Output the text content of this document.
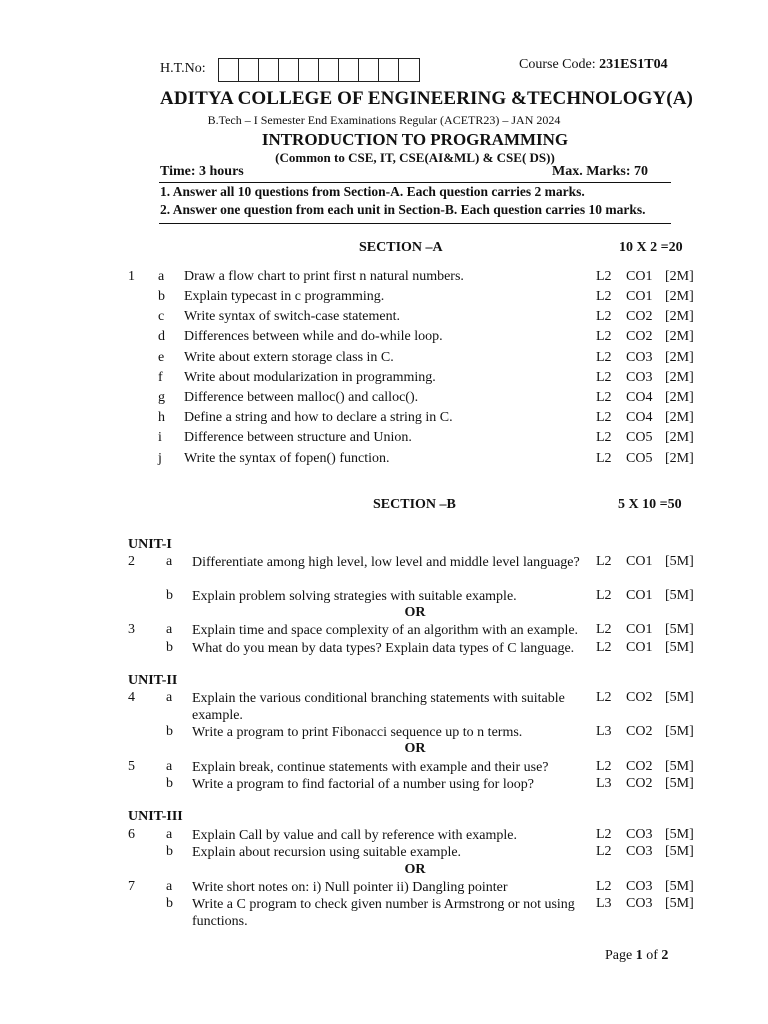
H.T.No:	Course Code: 231ES1T04
ADITYA COLLEGE OF ENGINEERING &TECHNOLOGY(A)
B.Tech – I Semester End Examinations Regular (ACETR23) – JAN 2024
INTRODUCTION TO PROGRAMMING
(Common to CSE, IT, CSE(AI&ML) & CSE( DS))
Time: 3 hours	Max. Marks: 70
1. Answer all 10 questions from Section-A. Each question carries 2 marks.
2. Answer one question from each unit in Section-B. Each question carries 10 marks.
SECTION –A	10 X 2 =20
1 a Draw a flow chart to print first n natural numbers.	L2 CO1 [2M]
b Explain typecast in c programming.	L2 CO1 [2M]
c Write syntax of switch-case statement.	L2 CO2 [2M]
d Differences between while and do-while loop.	L2 CO2 [2M]
e Write about extern storage class in C.	L2 CO3 [2M]
f Write about modularization in programming.	L2 CO3 [2M]
g Difference between malloc() and calloc().	L2 CO4 [2M]
h Define a string and how to declare a string in C.	L2 CO4 [2M]
i Difference between structure and Union.	L2 CO5 [2M]
j Write the syntax of fopen() function.	L2 CO5 [2M]
SECTION –B	5 X 10 =50
UNIT-I
OR
2 a Differentiate among high level, low level and middle level language?	L2 CO1 [5M]
b Explain problem solving strategies with suitable example.	L2 CO1 [5M]
3 a Explain time and space complexity of an algorithm with an example.	L2 CO1 [5M]
b What do you mean by data types? Explain data types of C language.	L2 CO1 [5M]
UNIT-II
OR
4 a Explain the various conditional branching statements with suitable example.
L2 CO2 [5M]
b Write a program to print Fibonacci sequence up to n terms.	L3 CO2 [5M]
5 a Explain break, continue statements with example and their use?	L2 CO2 [5M]
b Write a program to find factorial of a number using for loop?	L3 CO2 [5M]
UNIT-III
OR
6 a Explain Call by value and call by reference with example.	L2 CO3 [5M]
b Explain about recursion using suitable example.	L2 CO3 [5M]
7 a Write short notes on: i) Null pointer ii) Dangling pointer	L2 CO3 [5M]
b Write a C program to check given number is Armstrong or not using functions.
L3 CO3 [5M]
Page 1 of 2
